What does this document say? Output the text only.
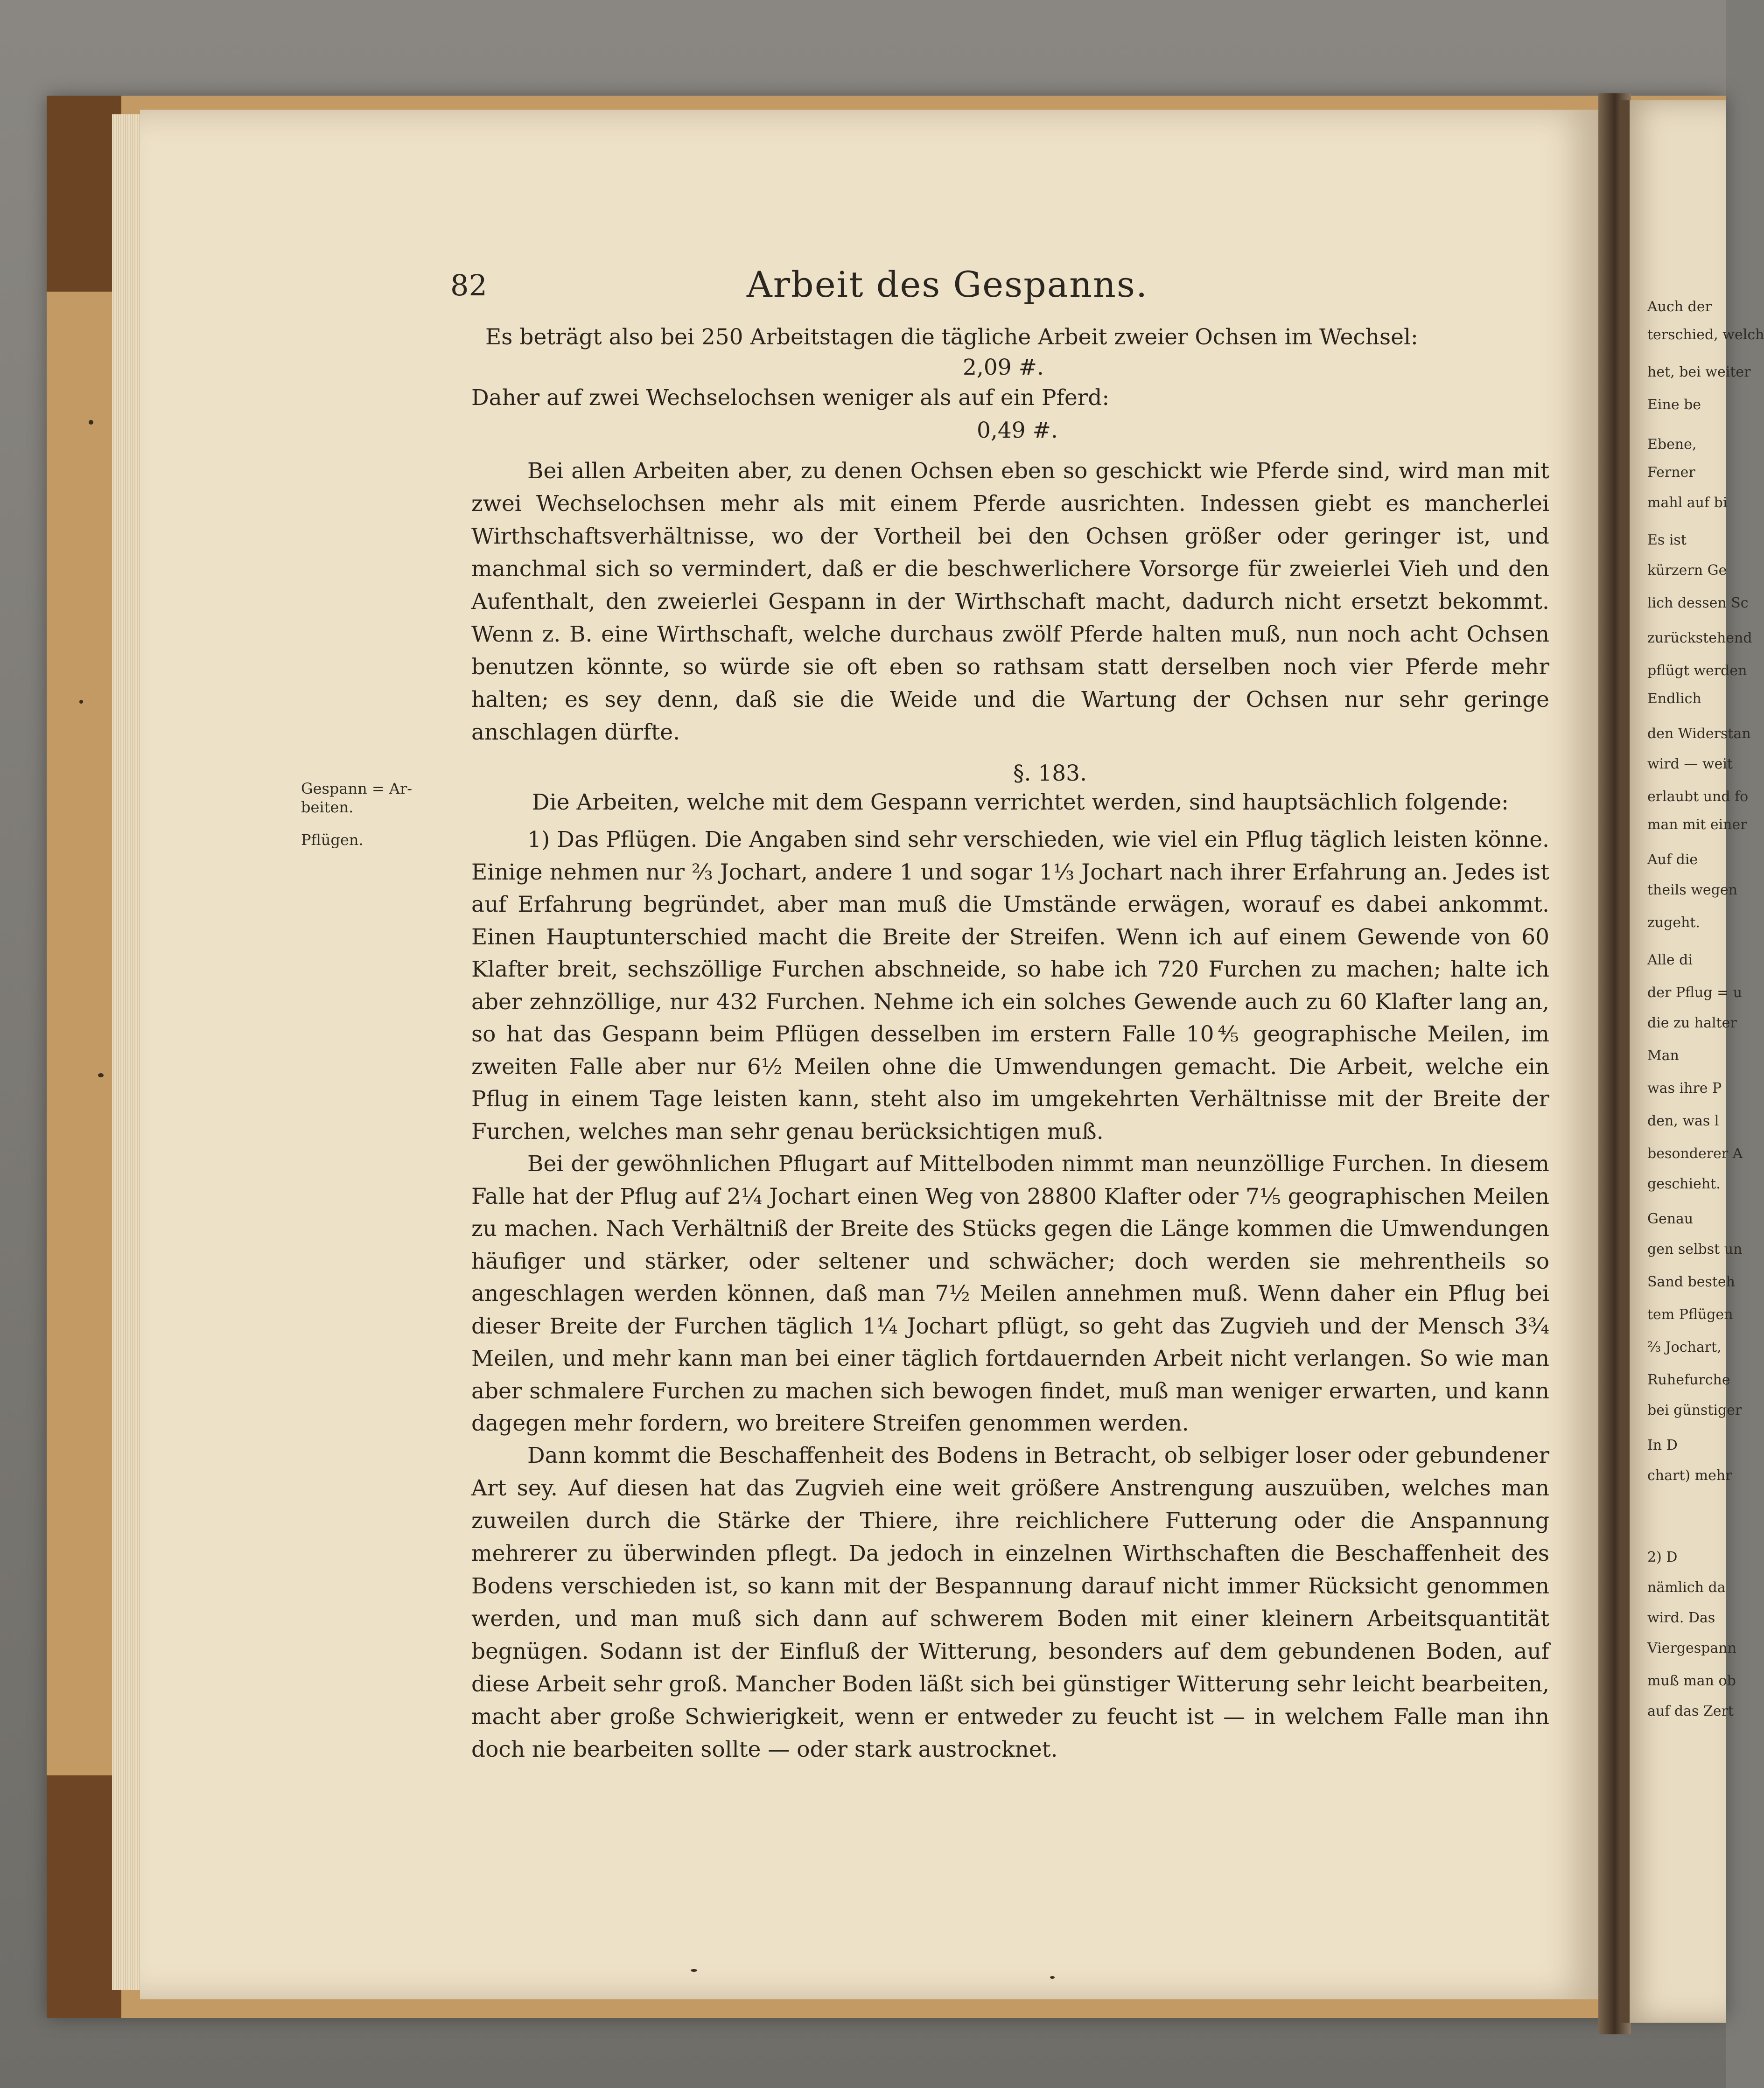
82	Arbeit des Gespanns.
Es beträgt also bei 250 Arbeitstagen die tägliche Arbeit zweier Ochsen im Wechsel:
2,09 #.
Daher auf zwei Wechselochsen weniger als auf ein Pferd:
0,49 #.
Bei allen Arbeiten aber, zu denen Ochsen eben so geschickt wie Pferde sind, wird man mit zwei Wechselochsen mehr als mit einem Pferde ausrichten. Indessen giebt es mancherlei Wirthschaftsverhältnisse, wo der Vortheil bei den Ochsen größer oder geringer ist, und manchmal sich so vermindert, daß er die beschwerlichere Vorsorge für zweierlei Vieh und den Aufenthalt, den zweierlei Gespann in der Wirthschaft macht, dadurch nicht ersetzt bekommt. Wenn z. B. eine Wirthschaft, welche durchaus zwölf Pferde halten muß, nun noch acht Ochsen benutzen könnte, so würde sie oft eben so rathsam statt derselben noch vier Pferde mehr halten; es sey denn, daß sie die Weide und die Wartung der Ochsen nur sehr geringe anschlagen dürfte.
§. 183.
Die Arbeiten, welche mit dem Gespann verrichtet werden, sind hauptsächlich folgende:
1) Das Pflügen. Die Angaben sind sehr verschieden, wie viel ein Pflug täglich leisten könne. Einige nehmen nur ⅔ Jochart, andere 1 und sogar 1⅓ Jochart nach ihrer Erfahrung an. Jedes ist auf Erfahrung begründet, aber man muß die Umstände erwägen, worauf es dabei ankommt. Einen Hauptunterschied macht die Breite der Streifen. Wenn ich auf einem Gewende von 60 Klafter breit, sechszöllige Furchen abschneide, so habe ich 720 Furchen zu machen; halte ich aber zehnzöllige, nur 432 Furchen. Nehme ich ein solches Gewende auch zu 60 Klafter lang an, so hat das Gespann beim Pflügen desselben im erstern Falle 10⅘ geographische Meilen, im zweiten Falle aber nur 6½ Meilen ohne die Umwendungen gemacht. Die Arbeit, welche ein Pflug in einem Tage leisten kann, steht also im umgekehrten Verhältnisse mit der Breite der Furchen, welches man sehr genau berücksichtigen muß.
Bei der gewöhnlichen Pflugart auf Mittelboden nimmt man neunzöllige Furchen. In diesem Falle hat der Pflug auf 2¼ Jochart einen Weg von 28800 Klafter oder 7⅕ geographischen Meilen zu machen. Nach Verhältniß der Breite des Stücks gegen die Länge kommen die Umwendungen häufiger und stärker, oder seltener und schwächer; doch werden sie mehrentheils so angeschlagen werden können, daß man 7½ Meilen annehmen muß. Wenn daher ein Pflug bei dieser Breite der Furchen täglich 1¼ Jochart pflügt, so geht das Zugvieh und der Mensch 3¾ Meilen, und mehr kann man bei einer täglich fortdauernden Arbeit nicht verlangen. So wie man aber schmalere Furchen zu machen sich bewogen findet, muß man weniger erwarten, und kann dagegen mehr fordern, wo breitere Streifen genommen werden.
Dann kommt die Beschaffenheit des Bodens in Betracht, ob selbiger loser oder gebundener Art sey. Auf diesen hat das Zugvieh eine weit größere Anstrengung auszuüben, welches man zuweilen durch die Stärke der Thiere, ihre reichlichere Futterung oder die Anspannung mehrerer zu überwinden pflegt. Da jedoch in einzelnen Wirthschaften die Beschaffenheit des Bodens verschieden ist, so kann mit der Bespannung darauf nicht immer Rücksicht genommen werden, und man muß sich dann auf schwerem Boden mit einer kleinern Arbeitsquantität begnügen. Sodann ist der Einfluß der Witterung, besonders auf dem gebundenen Boden, auf diese Arbeit sehr groß. Mancher Boden läßt sich bei günstiger Witterung sehr leicht bearbeiten, macht aber große Schwierigkeit, wenn er entweder zu feucht ist — in welchem Falle man ihn doch nie bearbeiten sollte — oder stark austrocknet.
Gespann = Ar-
beiten.
Pflügen.
Auch der
terschied, welch
het, bei weiter
Eine be
Ebene,
Ferner
mahl auf bi
Es ist
kürzern Ge
lich dessen Sc
zurückstehend
pflügt werden
Endlich
den Widerstan
wird — weit
erlaubt und fo
man mit einer
Auf die
theils wegen
zugeht.
Alle di
der Pflug = u
die zu halter
Man
was ihre P
den, was l
besonderer A
geschieht.
Genau
gen selbst un
Sand besteh
tem Pflügen
⅔ Jochart,
Ruhefurche
bei günstiger
In D
chart) mehr
2) D
nämlich da
wird. Das
Viergespann
muß man ob
auf das Zert
